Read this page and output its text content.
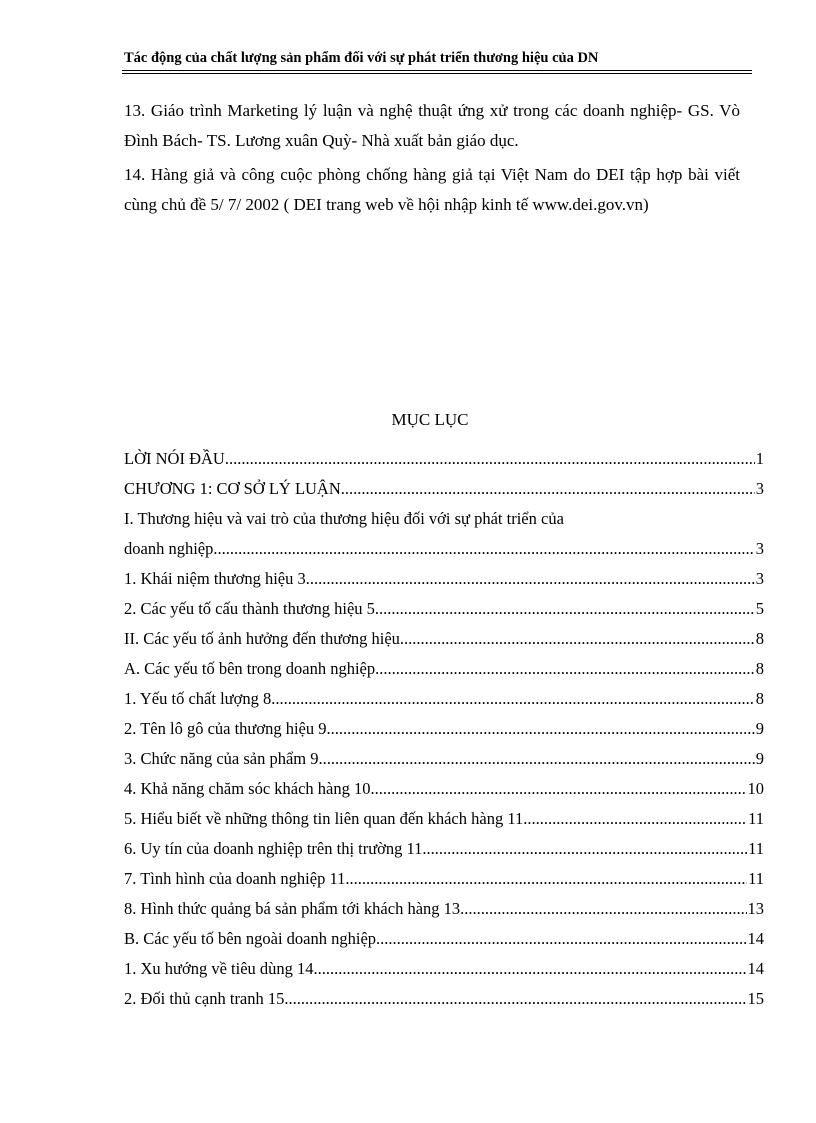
Tác động của chất lượng sản phẩm đối với sự phát triển thương hiệu của DN
13. Giáo trình Marketing lý luận và nghệ thuật ứng xử trong các doanh nghiệp- GS. Vò Đình Bách- TS. Lương xuân Quỳ- Nhà xuất bản giáo dục.
14. Hàng giả và công cuộc phòng chống hàng giả tại Việt Nam do DEI tập hợp bài viết cùng chủ đề 5/ 7/ 2002 ( DEI trang web về hội nhập kinh tế www.dei.gov.vn)
MỤC LỤC
LỜI NÓI ĐẦU .....	1
CHƯƠNG 1: CƠ SỞ LÝ LUẬN .....	3
I. Thương hiệu và vai trò của thương hiệu đối với sự phát triển của
doanh nghiệp .....	3
1. Khái niệm thương hiệu 3 .....	3
2. Các yếu tố cấu thành thương hiệu 5 .....	5
II. Các yếu tố ảnh hưởng đến thương hiệu .....	8
A. Các yếu tố bên trong doanh nghiệp .....	8
1. Yếu tố chất lượng 8 .....	8
2. Tên lô gô của thương hiệu 9 .....	9
3. Chức năng của sản phẩm 9 .....	9
4. Khả năng chăm sóc khách hàng 10 .....	10
5. Hiểu biết về những thông tin liên quan đến khách hàng 11 .....	11
6. Uy tín của doanh nghiệp trên thị trường 11 .....	11
7. Tình hình của doanh nghiệp 11 .....	11
8. Hình thức quảng bá sản phẩm tới khách hàng 13 .....	13
B. Các yếu tố bên ngoài doanh nghiệp .....	14
1. Xu hướng về tiêu dùng 14 .....	14
2. Đối thủ cạnh tranh 15 .....	15
